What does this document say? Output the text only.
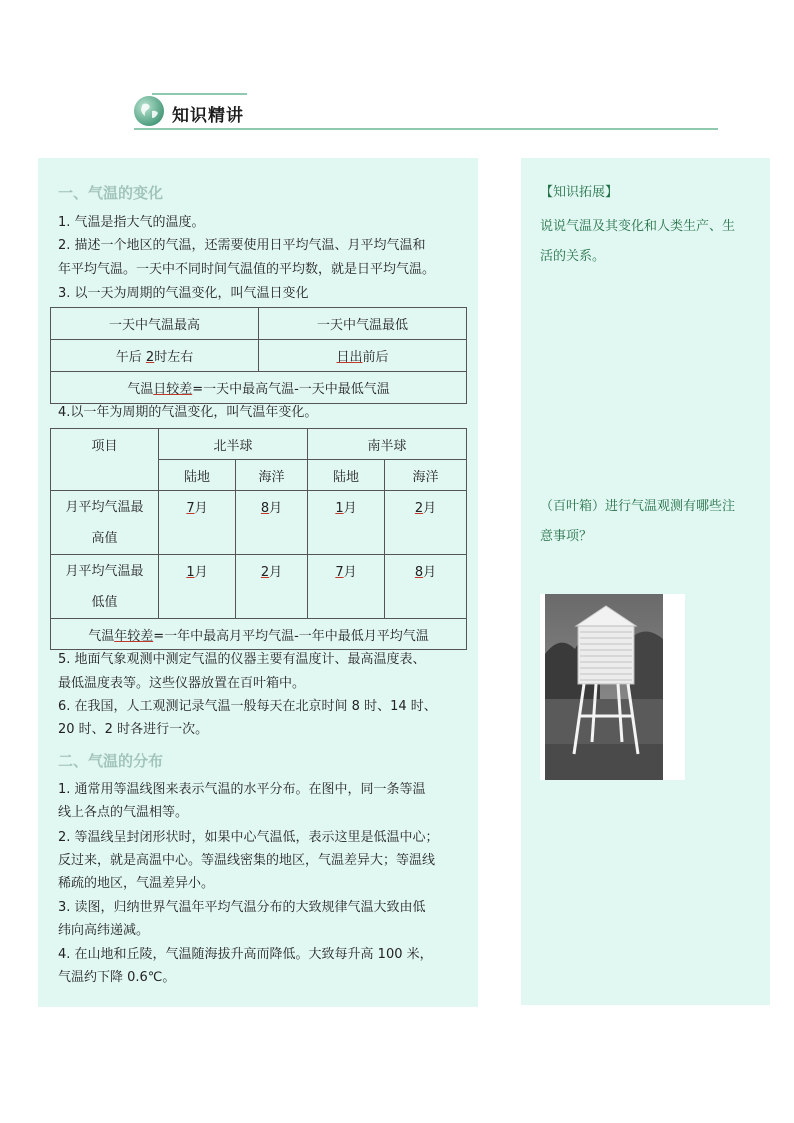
知识精讲
一、气温的变化
1. 气温是指大气的温度。
2. 描述一个地区的气温，还需要使用日平均气温、月平均气温和
年平均气温。一天中不同时间气温值的平均数，就是日平均气温。
3. 以一天为周期的气温变化，叫气温日变化
一天中气温最高	一天中气温最低
午后 2时左右	日出前后
气温日较差=一天中最高气温-一天中最低气温	
4.以一年为周期的气温变化，叫气温年变化。
项目	北半球		南半球	
	陆地	海洋	陆地	海洋
月平均气温最
高值	7月	8月	1月	2月
月平均气温最
低值	1月	2月	7月	8月
气温年较差=一年中最高月平均气温-一年中最低月平均气温				
5. 地面气象观测中测定气温的仪器主要有温度计、最高温度表、
最低温度表等。这些仪器放置在百叶箱中。
6. 在我国，人工观测记录气温一般每天在北京时间 8 时、14 时、
20 时、2 时各进行一次。
二、气温的分布
1. 通常用等温线图来表示气温的水平分布。在图中，同一条等温
线上各点的气温相等。
2. 等温线呈封闭形状时，如果中心气温低，表示这里是低温中心；
反过来，就是高温中心。等温线密集的地区，气温差异大；等温线
稀疏的地区，气温差异小。
3. 读图，归纳世界气温年平均气温分布的大致规律气温大致由低
纬向高纬递减。
4. 在山地和丘陵，气温随海拔升高而降低。大致每升高 100 米，
气温约下降 0.6℃。
【知识拓展】
说说气温及其变化和人类生产、生
活的关系。
（百叶箱）进行气温观测有哪些注
意事项？
